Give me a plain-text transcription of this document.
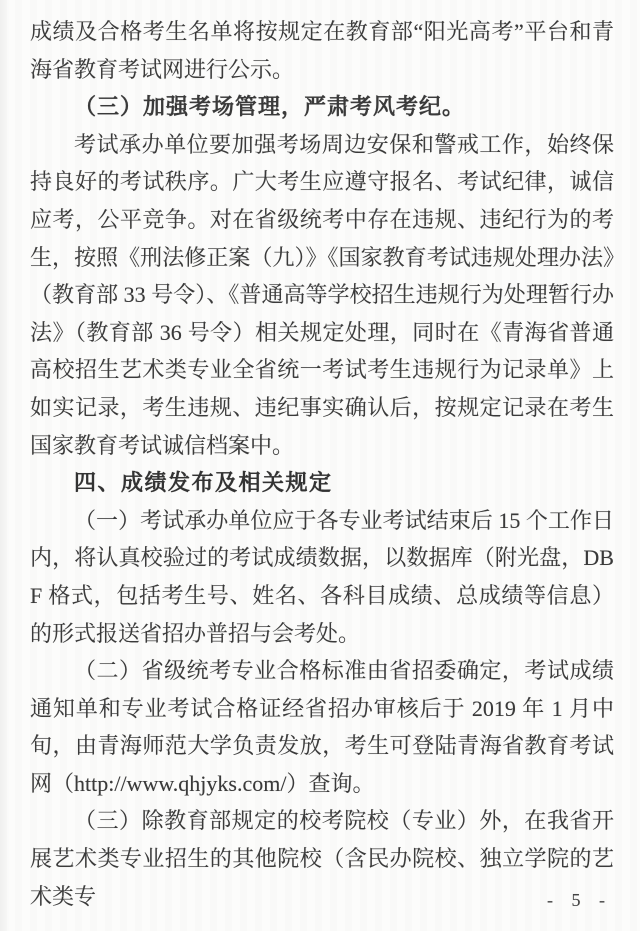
成绩及合格考生名单将按规定在教育部“阳光高考”平台和青海省教育考试网进行公示。

（三）加强考场管理，严肃考风考纪。

考试承办单位要加强考场周边安保和警戒工作，始终保持良好的考试秩序。广大考生应遵守报名、考试纪律，诚信应考，公平竞争。对在省级统考中存在违规、违纪行为的考生，按照《刑法修正案（九）》《国家教育考试违规处理办法》（教育部 33 号令）、《普通高等学校招生违规行为处理暂行办法》（教育部 36 号令）相关规定处理，同时在《青海省普通高校招生艺术类专业全省统一考试考生违规行为记录单》上如实记录，考生违规、违纪事实确认后，按规定记录在考生国家教育考试诚信档案中。

四、成绩发布及相关规定

（一）考试承办单位应于各专业考试结束后 15 个工作日内，将认真校验过的考试成绩数据，以数据库（附光盘，DBF 格式，包括考生号、姓名、各科目成绩、总成绩等信息）的形式报送省招办普招与会考处。

（二）省级统考专业合格标准由省招委确定，考试成绩通知单和专业考试合格证经省招办审核后于 2019 年 1 月中旬，由青海师范大学负责发放，考生可登陆青海省教育考试网（http://www.qhjyks.com/）查询。

（三）除教育部规定的校考院校（专业）外，在我省开展艺术类专业招生的其他院校（含民办院校、独立学院的艺术类专	- 5 -
